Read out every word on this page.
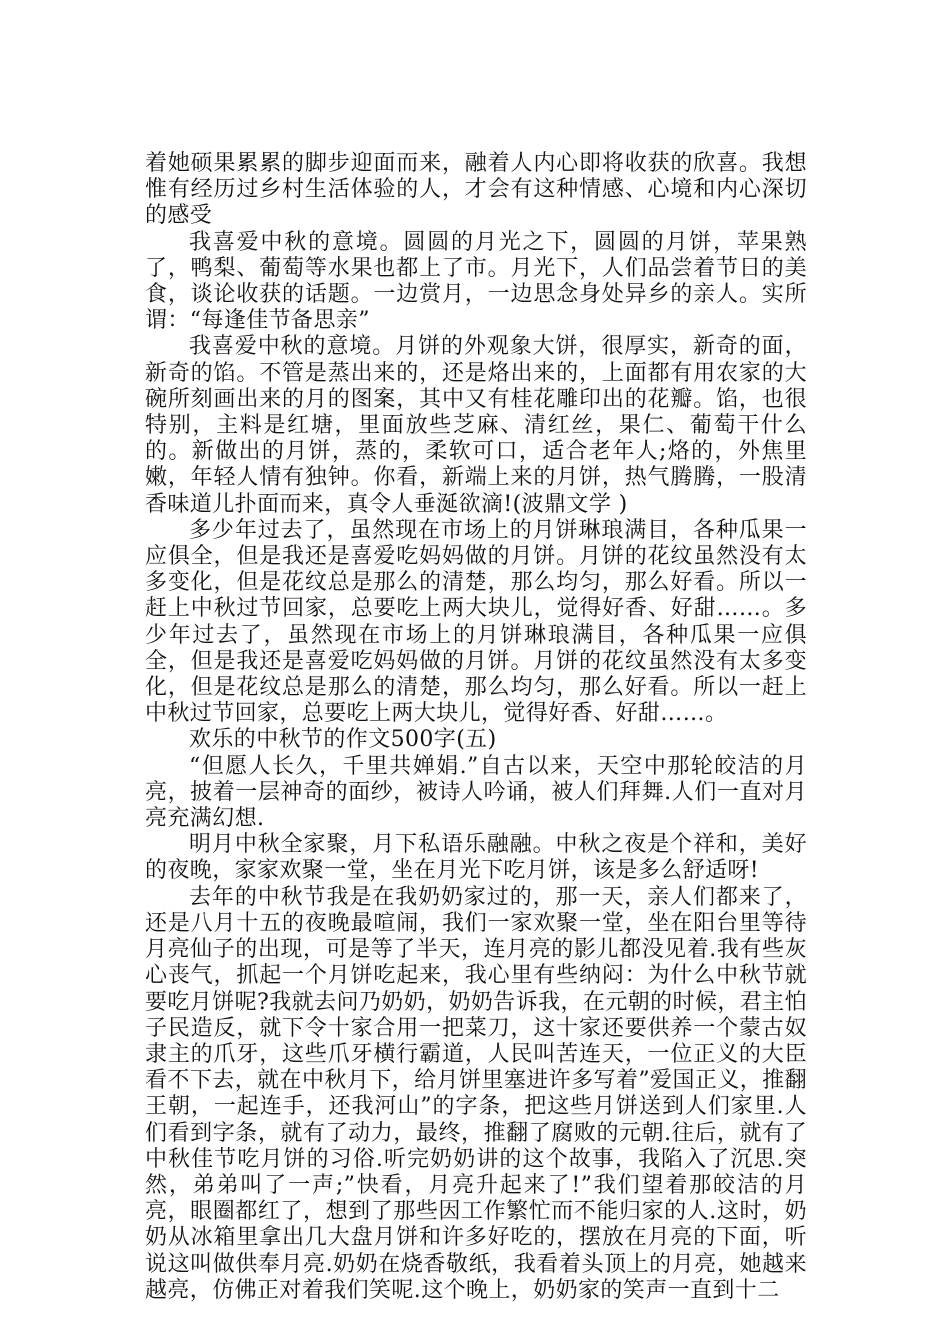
着她硕果累累的脚步迎面而来，融着人内心即将收获的欣喜。我想惟有经历过乡村生活体验的人，才会有这种情感、心境和内心深切的感受

我喜爱中秋的意境。圆圆的月光之下，圆圆的月饼，苹果熟了，鸭梨、葡萄等水果也都上了市。月光下，人们品尝着节日的美食，谈论收获的话题。一边赏月，一边思念身处异乡的亲人。实所谓：“每逢佳节备思亲”

我喜爱中秋的意境。月饼的外观象大饼，很厚实，新奇的面，新奇的馅。不管是蒸出来的，还是烙出来的，上面都有用农家的大碗所刻画出来的月的图案，其中又有桂花雕印出的花瓣。馅，也很特别，主料是红塘，里面放些芝麻、清红丝，果仁、葡萄干什么的。新做出的月饼，蒸的，柔软可口，适合老年人;烙的，外焦里嫩，年轻人情有独钟。你看，新端上来的月饼，热气腾腾，一股清香味道儿扑面而来，真令人垂涎欲滴!(波鼎文学 )

多少年过去了，虽然现在市场上的月饼琳琅满目，各种瓜果一应俱全，但是我还是喜爱吃妈妈做的月饼。月饼的花纹虽然没有太多变化，但是花纹总是那么的清楚，那么均匀，那么好看。所以一赶上中秋过节回家，总要吃上两大块儿，觉得好香、好甜……。多少年过去了，虽然现在市场上的月饼琳琅满目，各种瓜果一应俱全，但是我还是喜爱吃妈妈做的月饼。月饼的花纹虽然没有太多变化，但是花纹总是那么的清楚，那么均匀，那么好看。所以一赶上中秋过节回家，总要吃上两大块儿，觉得好香、好甜……。

欢乐的中秋节的作文500字(五)

“但愿人长久，千里共婵娟.”自古以来，天空中那轮皎洁的月亮，披着一层神奇的面纱，被诗人吟诵，被人们拜舞.人们一直对月亮充满幻想.

明月中秋全家聚，月下私语乐融融。中秋之夜是个祥和，美好的夜晚，家家欢聚一堂，坐在月光下吃月饼，该是多么舒适呀!

去年的中秋节我是在我奶奶家过的，那一天，亲人们都来了，还是八月十五的夜晚最喧闹，我们一家欢聚一堂，坐在阳台里等待月亮仙子的出现，可是等了半天，连月亮的影儿都没见着.我有些灰心丧气，抓起一个月饼吃起来，我心里有些纳闷：为什么中秋节就要吃月饼呢?我就去问乃奶奶，奶奶告诉我，在元朝的时候，君主怕子民造反，就下令十家合用一把菜刀，这十家还要供养一个蒙古奴隶主的爪牙，这些爪牙横行霸道，人民叫苦连天，一位正义的大臣看不下去，就在中秋月下，给月饼里塞进许多写着”爱国正义，推翻王朝，一起连手，还我河山”的字条，把这些月饼送到人们家里.人们看到字条，就有了动力，最终，推翻了腐败的元朝.往后，就有了中秋佳节吃月饼的习俗.听完奶奶讲的这个故事，我陷入了沉思.突然，弟弟叫了一声;”快看，月亮升起来了!”我们望着那皎洁的月亮，眼圈都红了，想到了那些因工作繁忙而不能归家的人.这时，奶奶从冰箱里拿出几大盘月饼和许多好吃的，摆放在月亮的下面，听说这叫做供奉月亮.奶奶在烧香敬纸，我看着头顶上的月亮，她越来越亮，仿佛正对着我们笑呢.这个晚上，奶奶家的笑声一直到十二
